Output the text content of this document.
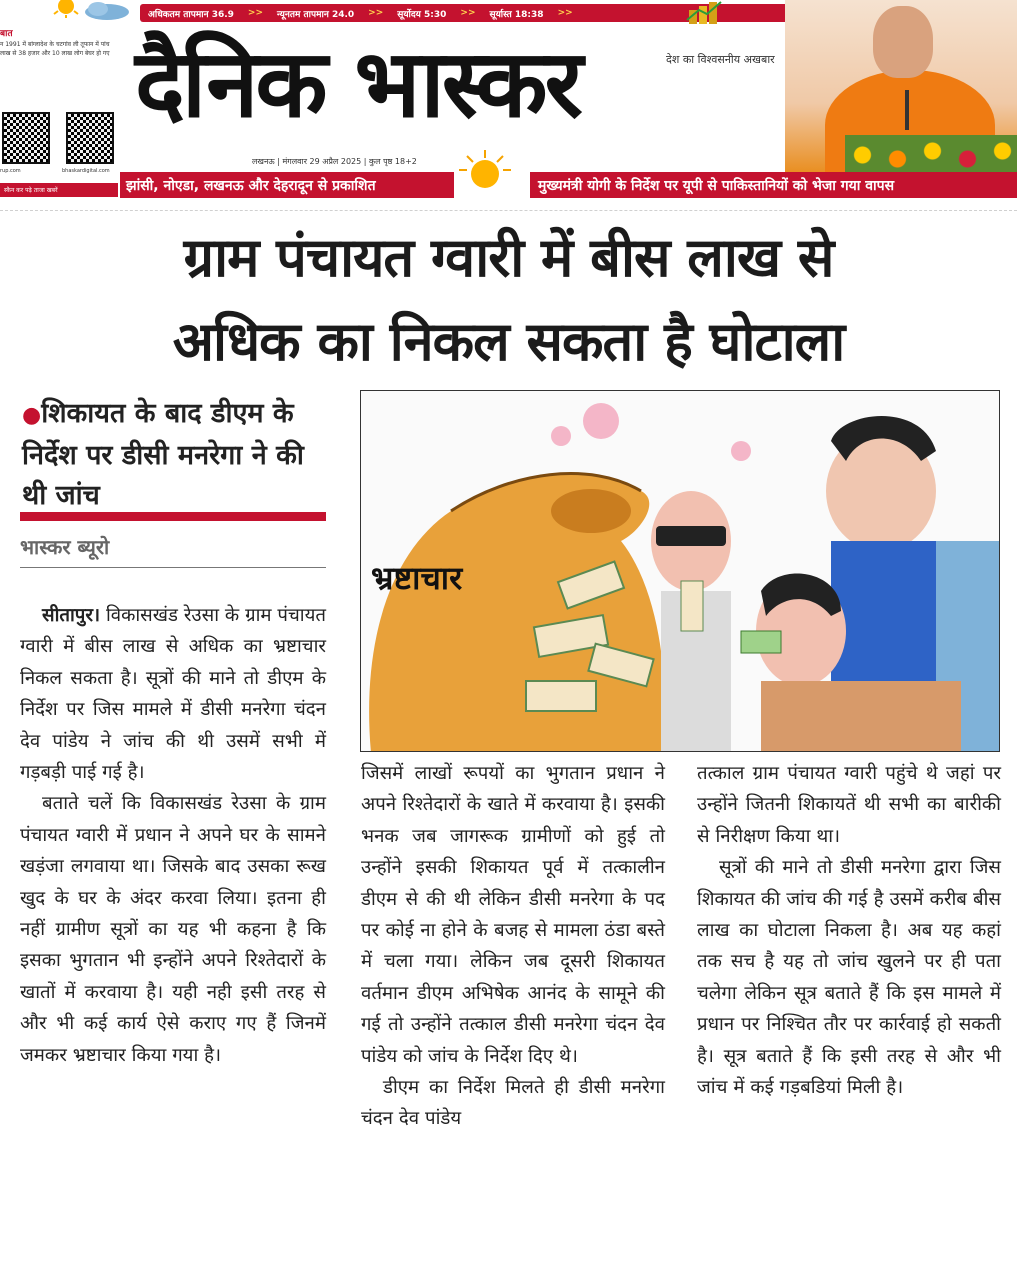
अधिकतम तापमान 36.9 >> न्यूनतम तापमान 24.0 >> सूर्योदय 5:30 >> सूर्यास्त 18:38 >>
बात
न 1991 में बांग्लादेश के चटगांव ली तूफान में पांच लाख से 38 हजार और 10 लाख लोग बेघर हो गए
rup.com	bhaskardigital.com
स्कैन कर पढ़े ताजा खबरें
दैनिक भास्कर	देश का विश्वसनीय अखबार
लखनऊ | मंगलवार 29 अप्रैल 2025 | कुल पृष्ठ 18+2
झांसी, नोएडा, लखनऊ और देहरादून से प्रकाशित	मुख्यमंत्री योगी के निर्देश पर यूपी से पाकिस्तानियों को भेजा गया वापस
ग्राम पंचायत ग्वारी में बीस लाख से
अधिक का निकल सकता है घोटाला
●शिकायत के बाद डीएम के निर्देश पर डीसी मनरेगा ने की थी जांच
भास्कर ब्यूरो
भ्रष्टाचार

सीतापुर। विकासखंड रेउसा के ग्राम पंचायत ग्वारी में बीस लाख से अधिक का भ्रष्टाचार निकल सकता है। सूत्रों की माने तो डीएम के निर्देश पर जिस मामले में डीसी मनरेगा चंदन देव पांडेय ने जांच की थी उसमें सभी में गड़बड़ी पाई गई है।

बताते चलें कि विकासखंड रेउसा के ग्राम पंचायत ग्वारी में प्रधान ने अपने घर के सामने खड़ंजा लगवाया था। जिसके बाद उसका रूख खुद के घर के अंदर करवा लिया। इतना ही नहीं ग्रामीण सूत्रों का यह भी कहना है कि इसका भुगतान भी इन्होंने अपने रिश्तेदारों के खातों में करवाया है। यही नही इसी तरह से और भी कई कार्य ऐसे कराए गए हैं जिनमें जमकर भ्रष्टाचार किया गया है।

जिसमें लाखों रूपयों का भुगतान प्रधान ने अपने रिश्तेदारों के खाते में करवाया है। इसकी भनक जब जागरूक ग्रामीणों को हुई तो उन्होंने इसकी शिकायत पूर्व में तत्कालीन डीएम से की थी लेकिन डीसी मनरेगा के पद पर कोई ना होने के बजह से मामला ठंडा बस्ते में चला गया। लेकिन जब दूसरी शिकायत वर्तमान डीएम अभिषेक आनंद के सामूने की गई तो उन्होंने तत्काल डीसी मनरेगा चंदन देव पांडेय को जांच के निर्देश दिए थे।

डीएम का निर्देश मिलते ही डीसी मनरेगा चंदन देव पांडेय

तत्काल ग्राम पंचायत ग्वारी पहुंचे थे जहां पर उन्होंने जितनी शिकायतें थी सभी का बारीकी से निरीक्षण किया था।

सूत्रों की माने तो डीसी मनरेगा द्वारा जिस शिकायत की जांच की गई है उसमें करीब बीस लाख का घोटाला निकला है। अब यह कहां तक सच है यह तो जांच खुलने पर ही पता चलेगा लेकिन सूत्र बताते हैं कि इस मामले में प्रधान पर निश्चित तौर पर कार्रवाई हो सकती है। सूत्र बताते हैं कि इसी तरह से और भी जांच में कई गड़बडियां मिली है।
